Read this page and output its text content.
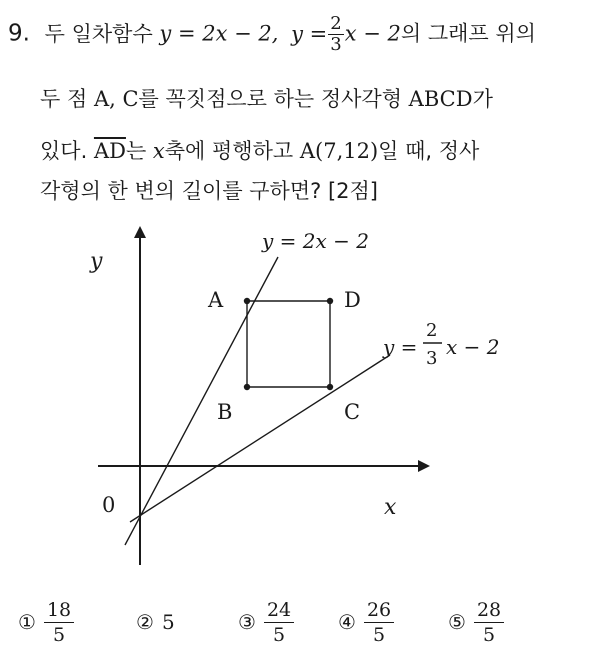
9. 두 일차함수 y = 2x − 2, $y = \frac{2}{3}$ x − 2의 그래프 위의
두 점 A, C를 꼭짓점으로 하는 정사각형 ABCD가
있다. $\overline{AD}$는 x축에 평행하고 A(7,12)일 때, 정사
각형의 한 변의 길이를 구하면? [2점]
y
x
0
A	D
B	C
y = 2x − 2
y =
2
3 x − 2
① $\frac{18}{5}$	② 5	③ $\frac{24}{5}$ ④ $\frac{26}{5}$	⑤ $\frac{28}{5}$
